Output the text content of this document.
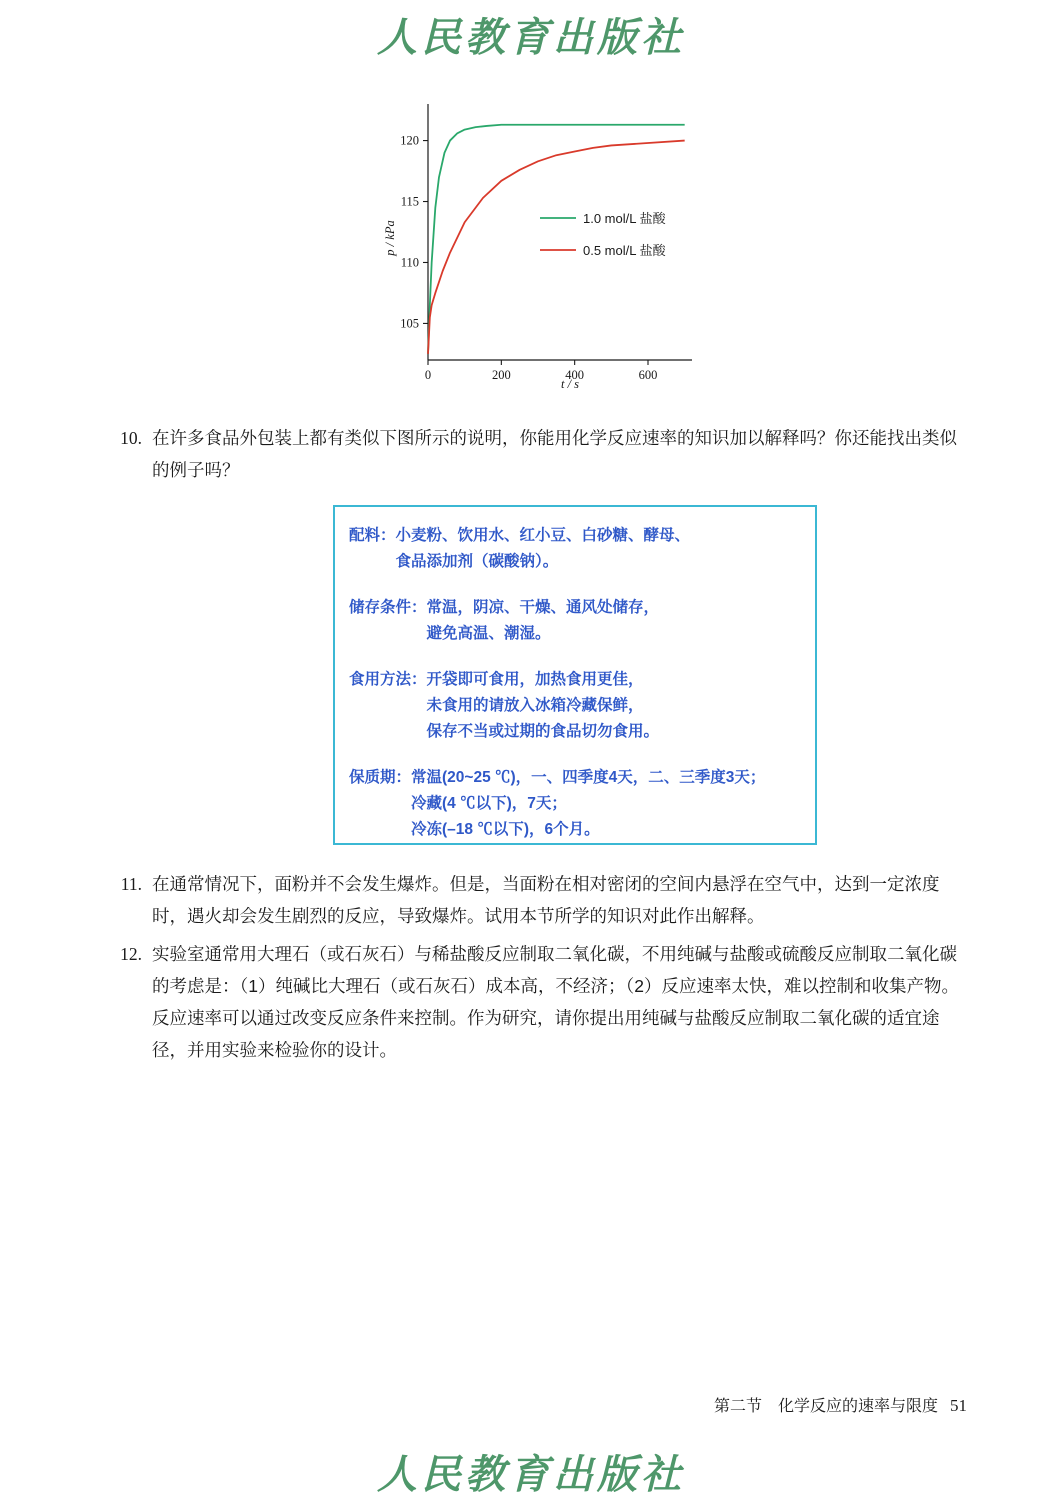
人民教育出版社
0	200	400	600
105
110
115
120
p / kPa
t / s
1.0 mol/L 盐酸
0.5 mol/L 盐酸
10. 在许多食品外包装上都有类似下图所示的说明，你能用化学反应速率的知识加以解释吗？你还能找出类似的例子吗？
配料： 小麦粉、饮用水、红小豆、白砂糖、酵母、
食品添加剂（碳酸钠）。
储存条件： 常温，阴凉、干燥、通风处储存，
避免高温、潮湿。
食用方法： 开袋即可食用，加热食用更佳，
未食用的请放入冰箱冷藏保鲜，
保存不当或过期的食品切勿食用。
保质期： 常温(20~25 ℃)，一、四季度4天，二、三季度3天；
冷藏(4 ℃以下)，7天；
冷冻(–18 ℃以下)，6个月。
11. 在通常情况下，面粉并不会发生爆炸。但是，当面粉在相对密闭的空间内悬浮在空气中，达到一定浓度时，遇火却会发生剧烈的反应，导致爆炸。试用本节所学的知识对此作出解释。
12. 实验室通常用大理石（或石灰石）与稀盐酸反应制取二氧化碳，不用纯碱与盐酸或硫酸反应制取二氧化碳的考虑是：（1）纯碱比大理石（或石灰石）成本高，不经济；（2）反应速率太快，难以控制和收集产物。反应速率可以通过改变反应条件来控制。作为研究，请你提出用纯碱与盐酸反应制取二氧化碳的适宜途径，并用实验来检验你的设计。
第二节　化学反应的速率与限度 51
人民教育出版社
